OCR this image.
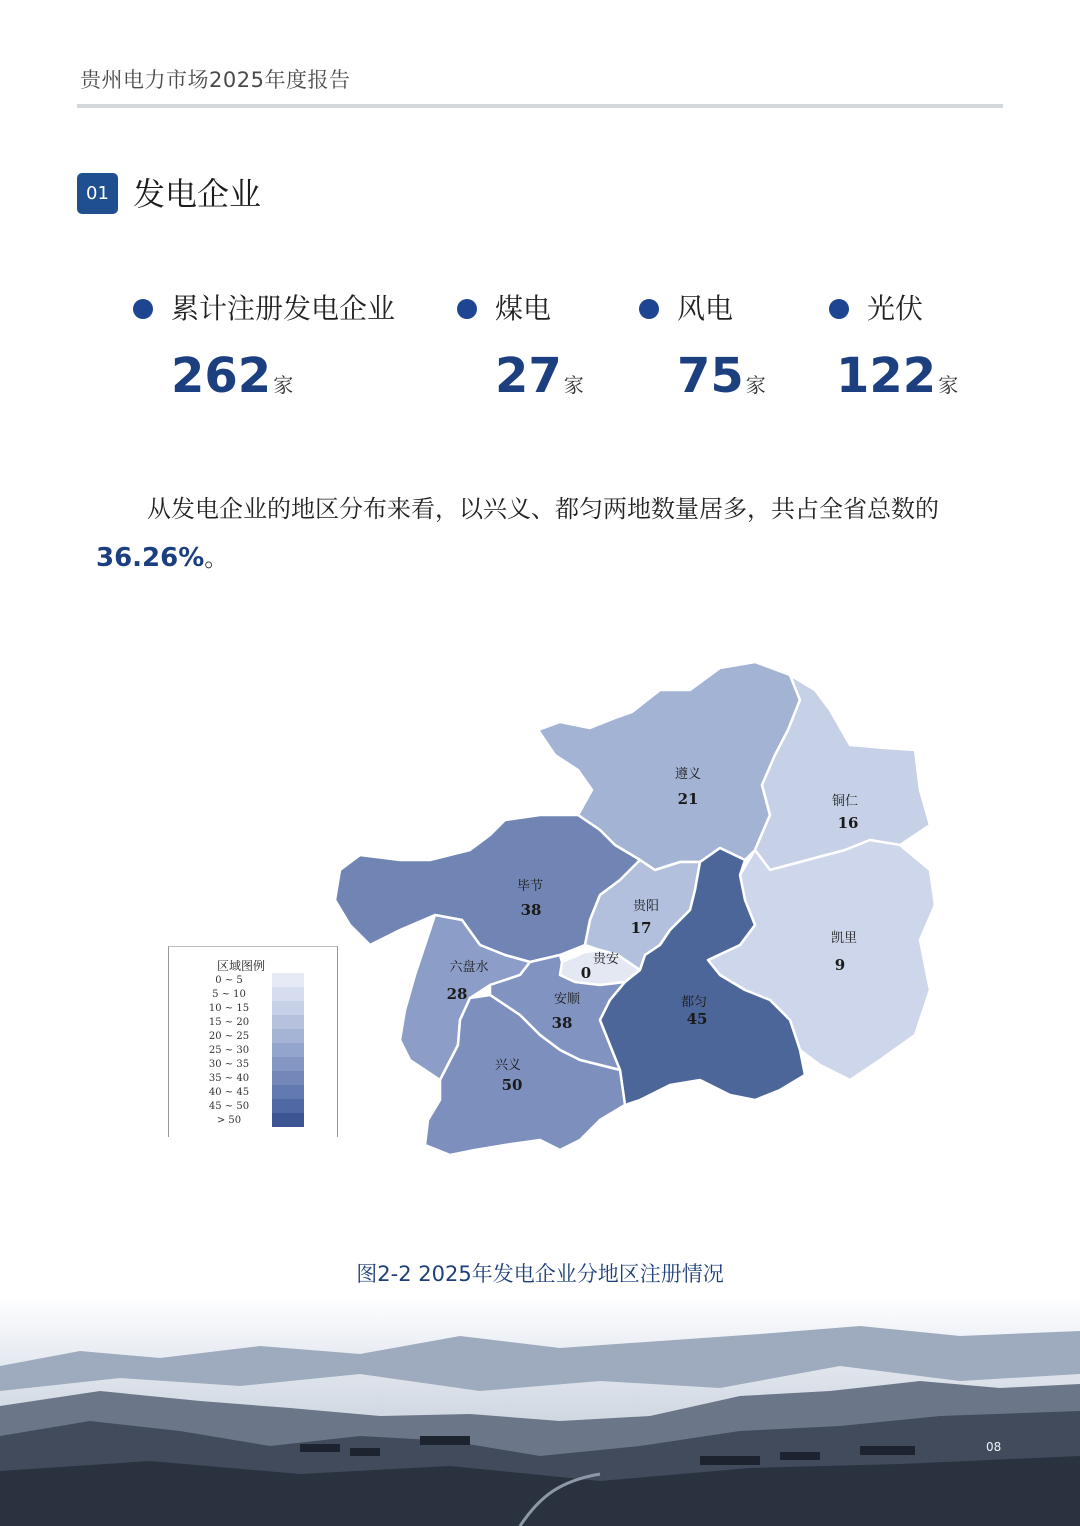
贵州电力市场2025年度报告
01 发电企业
累计注册发电企业
262 家
煤电
27 家
风电
75 家
光伏
122 家
从发电企业的地区分布来看，以兴义、都匀两地数量居多，共占全省总数的
36.26%。
遵义
21	铜仁
16
毕节
38	贵阳
17
贵安
0
凯里
9
六盘水
28	安顺
38
都匀
45
兴义
50
区域图例
0 ~ 5
5 ~ 10
10 ~ 15
15 ~ 20
20 ~ 25
25 ~ 30
30 ~ 35
35 ~ 40
40 ~ 45
45 ~ 50
> 50
图2-2 2025年发电企业分地区注册情况
08
